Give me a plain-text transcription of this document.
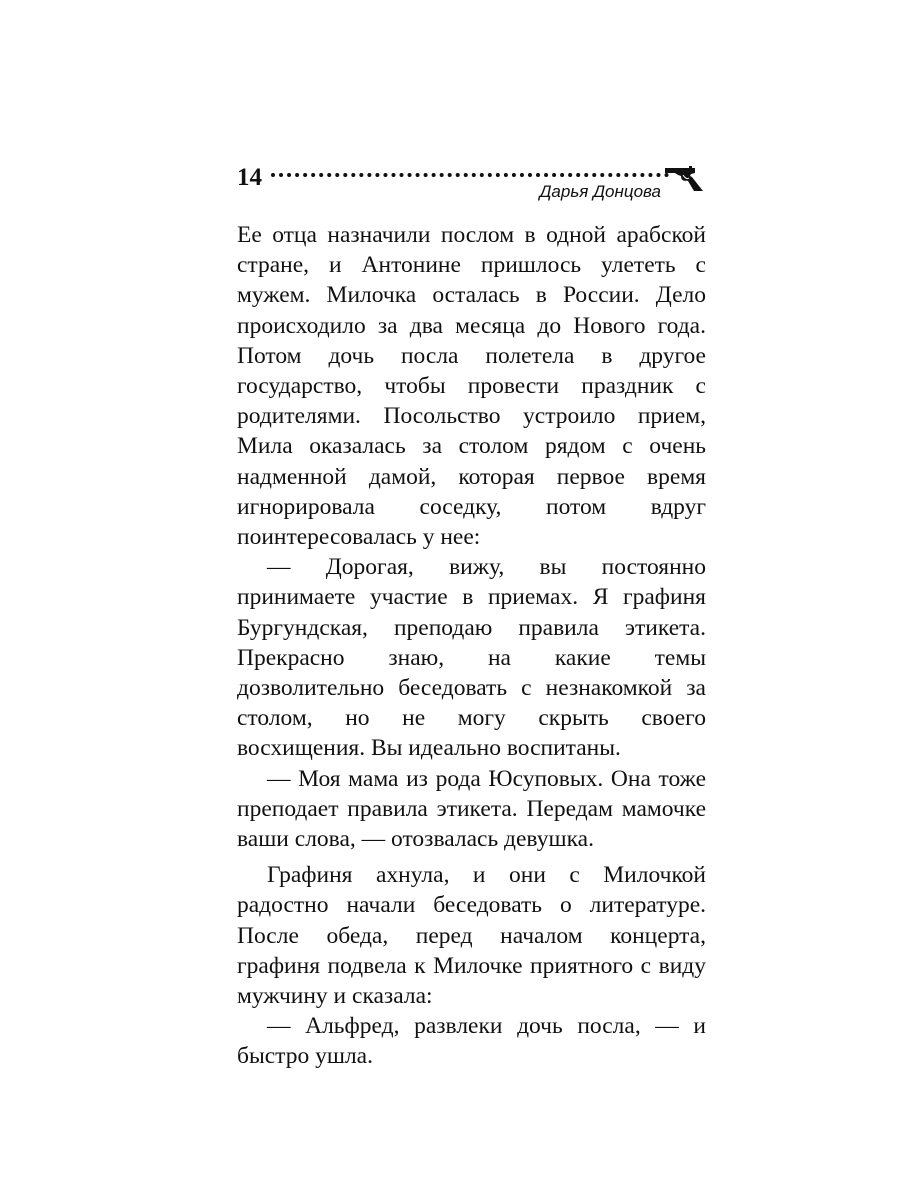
14
Дарья Донцова

Ее отца назначили послом в одной арабской стране, и Антонине пришлось улететь с мужем. Милочка осталась в России. Дело происходило за два месяца до Нового года. Потом дочь посла полетела в другое государство, чтобы провести праздник с родителями. Посольство устроило прием, Мила оказалась за столом рядом с очень надменной дамой, которая первое время игнорировала соседку, потом вдруг поинтересовалась у нее:

— Дорогая, вижу, вы постоянно принимаете участие в приемах. Я графиня Бургундская, преподаю правила этикета. Прекрасно знаю, на какие темы дозволительно беседовать с незнакомкой за столом, но не могу скрыть своего восхищения. Вы идеально воспитаны.

— Моя мама из рода Юсуповых. Она тоже преподает правила этикета. Передам мамочке ваши слова, — отозвалась девушка.

Графиня ахнула, и они с Милочкой радостно начали беседовать о литературе. После обеда, перед началом концерта, графиня подвела к Милочке приятного с виду мужчину и сказала:

— Альфред, развлеки дочь посла, — и быстро ушла.
